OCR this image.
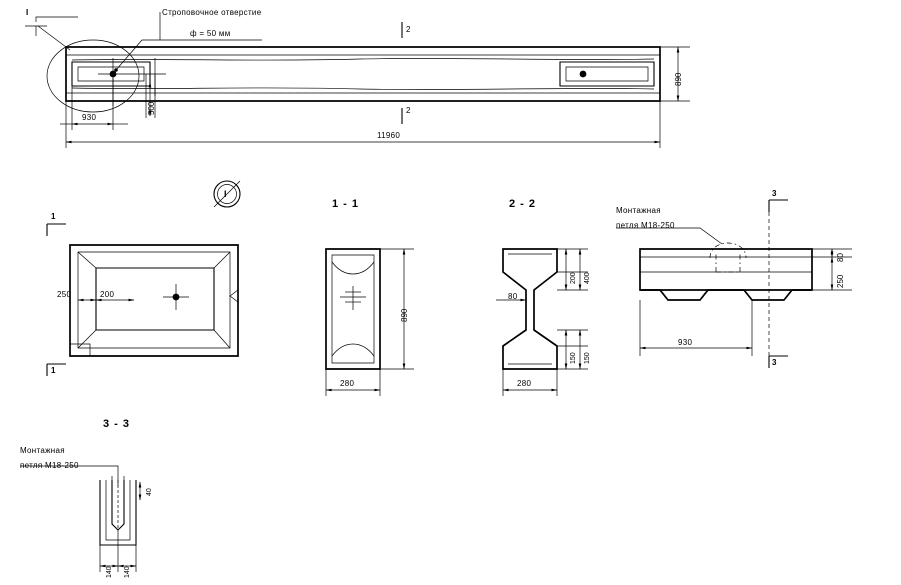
I	Строповочное отверстие
ф = 50 мм	2
2
890
11960
930
500
I
250	200
1
1
1 - 1
890
280
2 - 2
80
200 400
150 150
280
Монтажная
петля М18-250
3
3
80
250
930
3 - 3
Монтажная
петля М18-250
40
140 140
